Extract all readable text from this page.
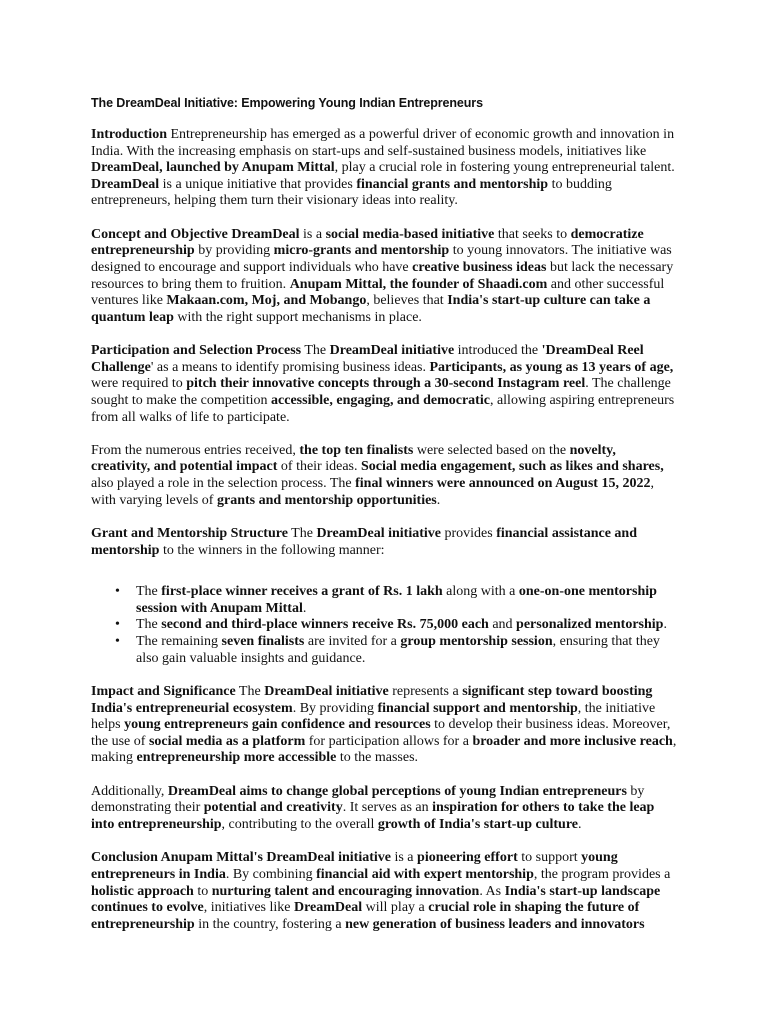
The DreamDeal Initiative: Empowering Young Indian Entrepreneurs

Introduction Entrepreneurship has emerged as a powerful driver of economic growth and innovation in India. With the increasing emphasis on start-ups and self-sustained business models, initiatives like DreamDeal, launched by Anupam Mittal, play a crucial role in fostering young entrepreneurial talent. DreamDeal is a unique initiative that provides financial grants and mentorship to budding entrepreneurs, helping them turn their visionary ideas into reality.

Concept and Objective DreamDeal is a social media-based initiative that seeks to democratize entrepreneurship by providing micro-grants and mentorship to young innovators. The initiative was designed to encourage and support individuals who have creative business ideas but lack the necessary resources to bring them to fruition. Anupam Mittal, the founder of Shaadi.com and other successful ventures like Makaan.com, Moj, and Mobango, believes that India's start-up culture can take a quantum leap with the right support mechanisms in place.

Participation and Selection Process The DreamDeal initiative introduced the 'DreamDeal Reel Challenge' as a means to identify promising business ideas. Participants, as young as 13 years of age, were required to pitch their innovative concepts through a 30-second Instagram reel. The challenge sought to make the competition accessible, engaging, and democratic, allowing aspiring entrepreneurs from all walks of life to participate.

From the numerous entries received, the top ten finalists were selected based on the novelty, creativity, and potential impact of their ideas. Social media engagement, such as likes and shares, also played a role in the selection process. The final winners were announced on August 15, 2022, with varying levels of grants and mentorship opportunities.

Grant and Mentorship Structure The DreamDeal initiative provides financial assistance and mentorship to the winners in the following manner:

• The first-place winner receives a grant of Rs. 1 lakh along with a one-on-one mentorship session with Anupam Mittal.
• The second and third-place winners receive Rs. 75,000 each and personalized mentorship.
• The remaining seven finalists are invited for a group mentorship session, ensuring that they also gain valuable insights and guidance.

Impact and Significance The DreamDeal initiative represents a significant step toward boosting India's entrepreneurial ecosystem. By providing financial support and mentorship, the initiative helps young entrepreneurs gain confidence and resources to develop their business ideas. Moreover, the use of social media as a platform for participation allows for a broader and more inclusive reach, making entrepreneurship more accessible to the masses.

Additionally, DreamDeal aims to change global perceptions of young Indian entrepreneurs by demonstrating their potential and creativity. It serves as an inspiration for others to take the leap into entrepreneurship, contributing to the overall growth of India's start-up culture.

Conclusion Anupam Mittal's DreamDeal initiative is a pioneering effort to support young entrepreneurs in India. By combining financial aid with expert mentorship, the program provides a holistic approach to nurturing talent and encouraging innovation. As India's start-up landscape continues to evolve, initiatives like DreamDeal will play a crucial role in shaping the future of entrepreneurship in the country, fostering a new generation of business leaders and innovators
